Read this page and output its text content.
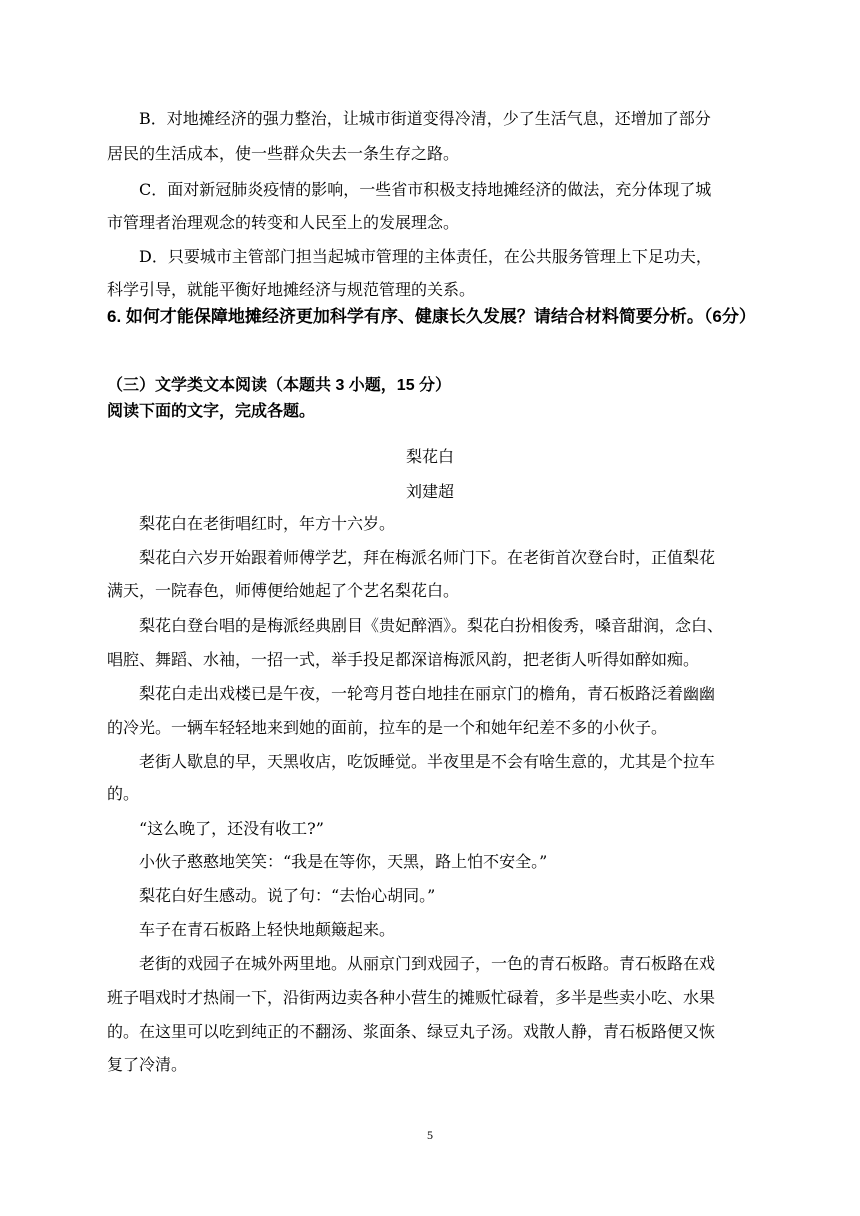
B．对地摊经济的强力整治，让城市街道变得冷清，少了生活气息，还增加了部分
居民的生活成本，使一些群众失去一条生存之路。
C．面对新冠肺炎疫情的影响，一些省市积极支持地摊经济的做法，充分体现了城
市管理者治理观念的转变和人民至上的发展理念。
D．只要城市主管部门担当起城市管理的主体责任，在公共服务管理上下足功夫，
科学引导，就能平衡好地摊经济与规范管理的关系。
6. 如何才能保障地摊经济更加科学有序、健康长久发展？请结合材料简要分析。（6分）
（三）文学类文本阅读（本题共 3 小题，15 分）
阅读下面的文字，完成各题。
梨花白
刘建超
梨花白在老街唱红时，年方十六岁。
梨花白六岁开始跟着师傅学艺，拜在梅派名师门下。在老街首次登台时，正值梨花
满天，一院春色，师傅便给她起了个艺名梨花白。
梨花白登台唱的是梅派经典剧目《贵妃醉酒》。梨花白扮相俊秀，嗓音甜润，念白、
唱腔、舞蹈、水袖，一招一式，举手投足都深谙梅派风韵，把老街人听得如醉如痴。
梨花白走出戏楼已是午夜，一轮弯月苍白地挂在丽京门的檐角，青石板路泛着幽幽
的冷光。一辆车轻轻地来到她的面前，拉车的是一个和她年纪差不多的小伙子。
老街人歇息的早，天黑收店，吃饭睡觉。半夜里是不会有啥生意的，尤其是个拉车
的。
“这么晚了，还没有收工?”
小伙子憨憨地笑笑：“我是在等你，天黑，路上怕不安全。”
梨花白好生感动。说了句：“去怡心胡同。”
车子在青石板路上轻快地颠簸起来。
老街的戏园子在城外两里地。从丽京门到戏园子，一色的青石板路。青石板路在戏
班子唱戏时才热闹一下，沿街两边卖各种小营生的摊贩忙碌着，多半是些卖小吃、水果
的。在这里可以吃到纯正的不翻汤、浆面条、绿豆丸子汤。戏散人静，青石板路便又恢
复了冷清。
5
